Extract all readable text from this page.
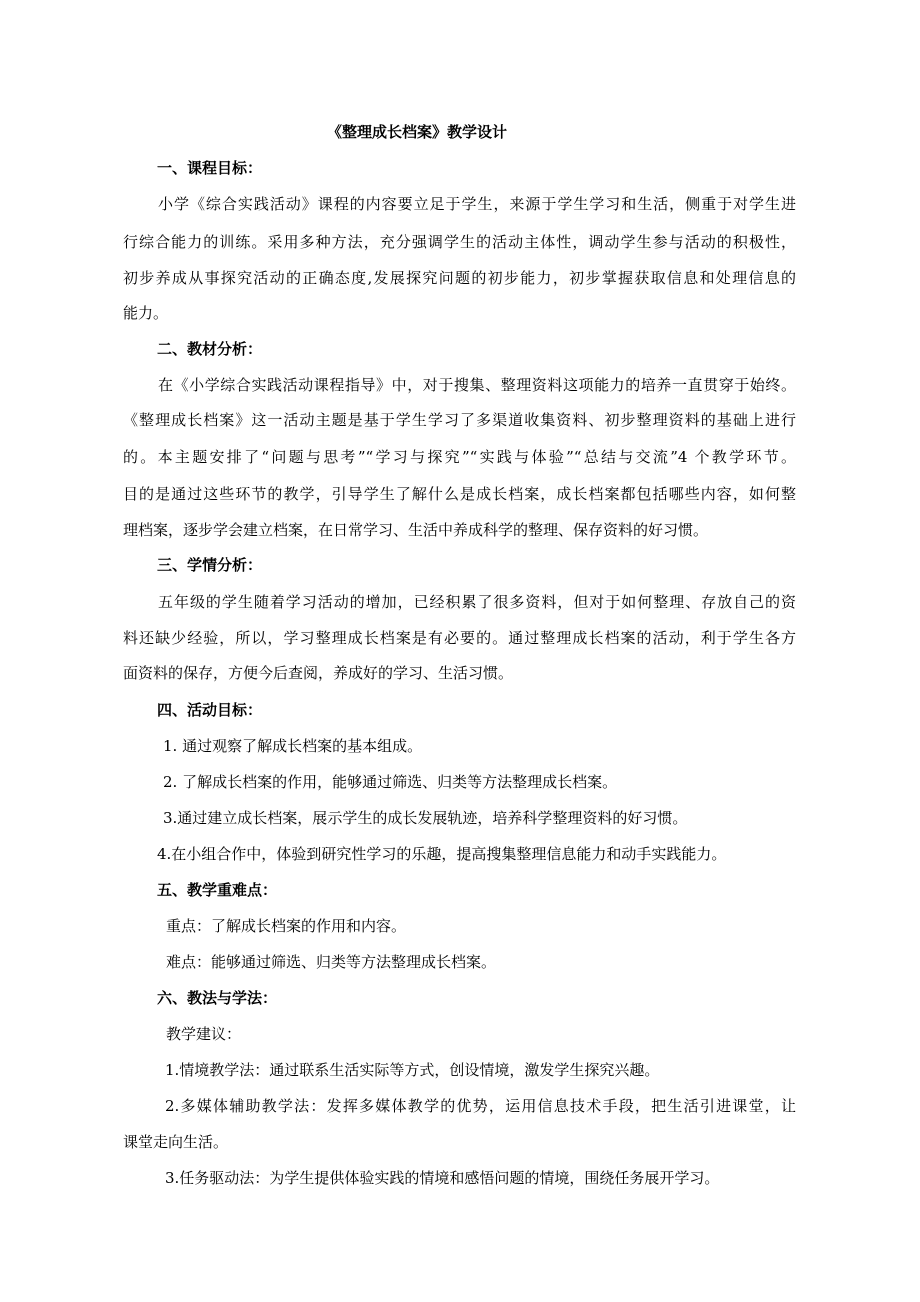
《整理成长档案》教学设计
一、课程目标：
小学《综合实践活动》课程的内容要立足于学生，来源于学生学习和生活，侧重于对学生进
行综合能力的训练。采用多种方法，充分强调学生的活动主体性，调动学生参与活动的积极性，
初步养成从事探究活动的正确态度,发展探究问题的初步能力，初步掌握获取信息和处理信息的
能力。
二、教材分析：
在《小学综合实践活动课程指导》中，对于搜集、整理资料这项能力的培养一直贯穿于始终。
《整理成长档案》这一活动主题是基于学生学习了多渠道收集资料、初步整理资料的基础上进行
的。本主题安排了“问题与思考”“学习与探究”“实践与体验”“总结与交流”4 个教学环节。
目的是通过这些环节的教学，引导学生了解什么是成长档案，成长档案都包括哪些内容，如何整
理档案，逐步学会建立档案，在日常学习、生活中养成科学的整理、保存资料的好习惯。
三、学情分析：
五年级的学生随着学习活动的增加，已经积累了很多资料，但对于如何整理、存放自己的资
料还缺少经验，所以，学习整理成长档案是有必要的。通过整理成长档案的活动，利于学生各方
面资料的保存，方便今后查阅，养成好的学习、生活习惯。
四、活动目标：
1. 通过观察了解成长档案的基本组成。
2. 了解成长档案的作用，能够通过筛选、归类等方法整理成长档案。
3.通过建立成长档案，展示学生的成长发展轨迹，培养科学整理资料的好习惯。
4.在小组合作中，体验到研究性学习的乐趣，提高搜集整理信息能力和动手实践能力。
五、教学重难点：
重点：了解成长档案的作用和内容。
难点：能够通过筛选、归类等方法整理成长档案。
六、教法与学法：
教学建议：
1.情境教学法：通过联系生活实际等方式，创设情境，激发学生探究兴趣。
2.多媒体辅助教学法：发挥多媒体教学的优势，运用信息技术手段，把生活引进课堂，让
课堂走向生活。
3.任务驱动法：为学生提供体验实践的情境和感悟问题的情境，围绕任务展开学习。
